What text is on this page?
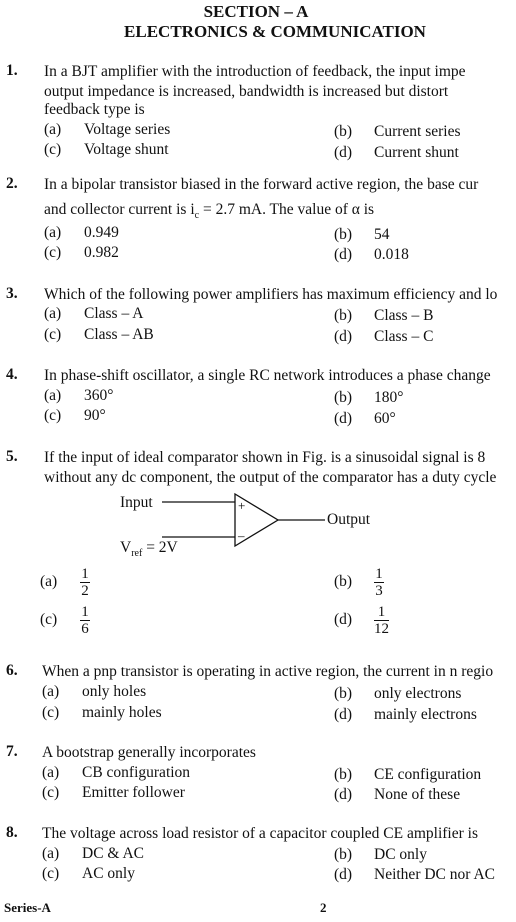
SECTION – A
ELECTRONICS & COMMUNICATION
1. In a BJT amplifier with the introduction of feedback, the input impe
output impedance is increased, bandwidth is increased but distort
feedback type is
(a) Voltage series	(b) Current series
(c) Voltage shunt	(d) Current shunt
2. In a bipolar transistor biased in the forward active region, the base cur
and collector current is $i_c = 2.7$ mA. The value of α is
(a) 0.949	(b) 54
(c) 0.982	(d) 0.018
3. Which of the following power amplifiers has maximum efficiency and lo
(a) Class – A	(b) Class – B
(c) Class – AB	(d) Class – C
4. In phase-shift oscillator, a single RC network introduces a phase change
(a) 360°	(b) 180°
(c) 90°	(d) 60°
5. If the input of ideal comparator shown in Fig. is a sinusoidal signal is 8
without any dc component, the output of the comparator has a duty cycle
+
–
Input
Output
$V_{ref} = 2V$
$(a) \frac{1}{2}$	$(b) \frac{1}{3}$
$(c) \frac{1}{6}$	$(d) \frac{1}{12}$
6. When a pnp transistor is operating in active region, the current in n regio
(a) only holes	(b) only electrons
(c) mainly holes	(d) mainly electrons
7. A bootstrap generally incorporates
(a) CB configuration	(b) CE configuration
(c) Emitter follower	(d) None of these
8. The voltage across load resistor of a capacitor coupled CE amplifier is
(a) DC & AC	(b) DC only
(c) AC only	(d) Neither DC nor AC
Series-A	2
